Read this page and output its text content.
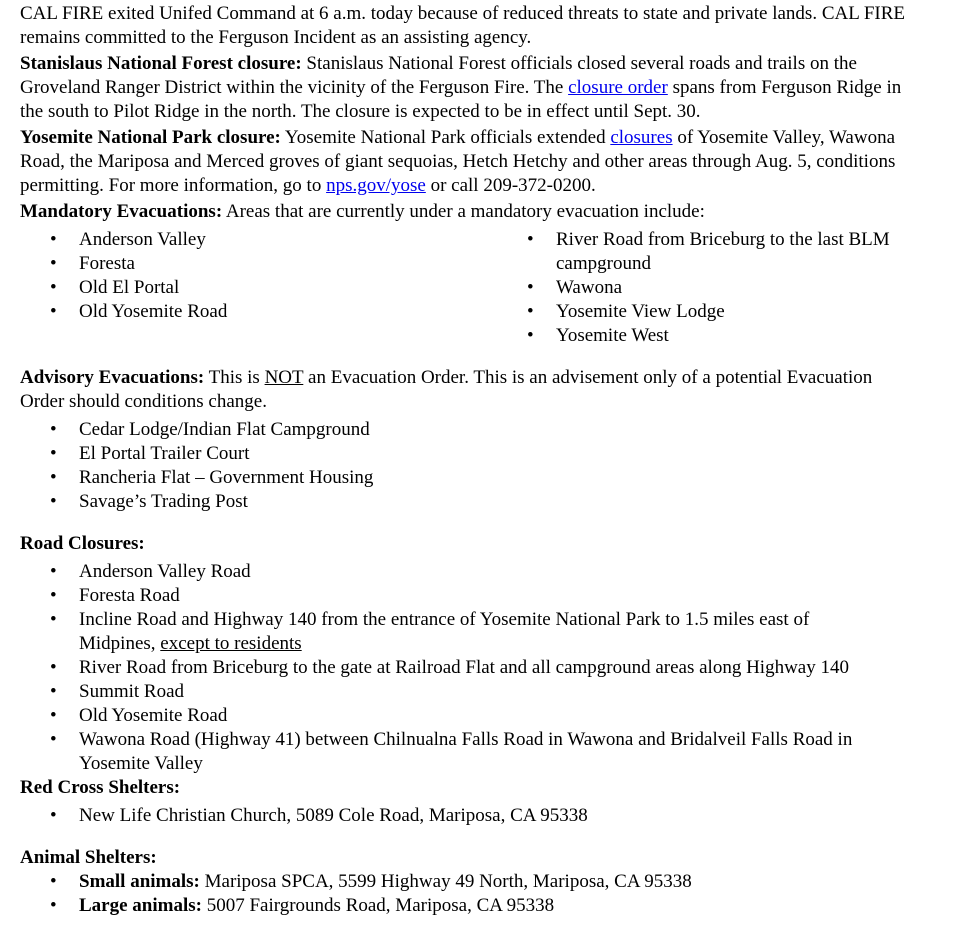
CAL FIRE exited Unifed Command at 6 a.m. today because of reduced threats to state and private lands. CAL FIRE remains committed to the Ferguson Incident as an assisting agency.

Stanislaus National Forest closure: Stanislaus National Forest officials closed several roads and trails on the Groveland Ranger District within the vicinity of the Ferguson Fire. The closure order spans from Ferguson Ridge in the south to Pilot Ridge in the north. The closure is expected to be in effect until Sept. 30.

Yosemite National Park closure: Yosemite National Park officials extended closures of Yosemite Valley, Wawona Road, the Mariposa and Merced groves of giant sequoias, Hetch Hetchy and other areas through Aug. 5, conditions permitting. For more information, go to nps.gov/yose or call 209-372-0200.

Mandatory Evacuations: Areas that are currently under a mandatory evacuation include:

• Anderson Valley
• Foresta
• Old El Portal
• Old Yosemite Road
• River Road from Briceburg to the last BLM campground
• Wawona
• Yosemite View Lodge
• Yosemite West

Advisory Evacuations: This is NOT an Evacuation Order. This is an advisement only of a potential Evacuation Order should conditions change.

• Cedar Lodge/Indian Flat Campground
• El Portal Trailer Court
• Rancheria Flat – Government Housing
• Savage’s Trading Post

Road Closures:

• Anderson Valley Road
• Foresta Road
• Incline Road and Highway 140 from the entrance of Yosemite National Park to 1.5 miles east of Midpines, except to residents
• River Road from Briceburg to the gate at Railroad Flat and all campground areas along Highway 140
• Summit Road
• Old Yosemite Road
• Wawona Road (Highway 41) between Chilnualna Falls Road in Wawona and Bridalveil Falls Road in Yosemite Valley

Red Cross Shelters:

• New Life Christian Church, 5089 Cole Road, Mariposa, CA 95338

Animal Shelters:

• Small animals: Mariposa SPCA, 5599 Highway 49 North, Mariposa, CA 95338
• Large animals: 5007 Fairgrounds Road, Mariposa, CA 95338
